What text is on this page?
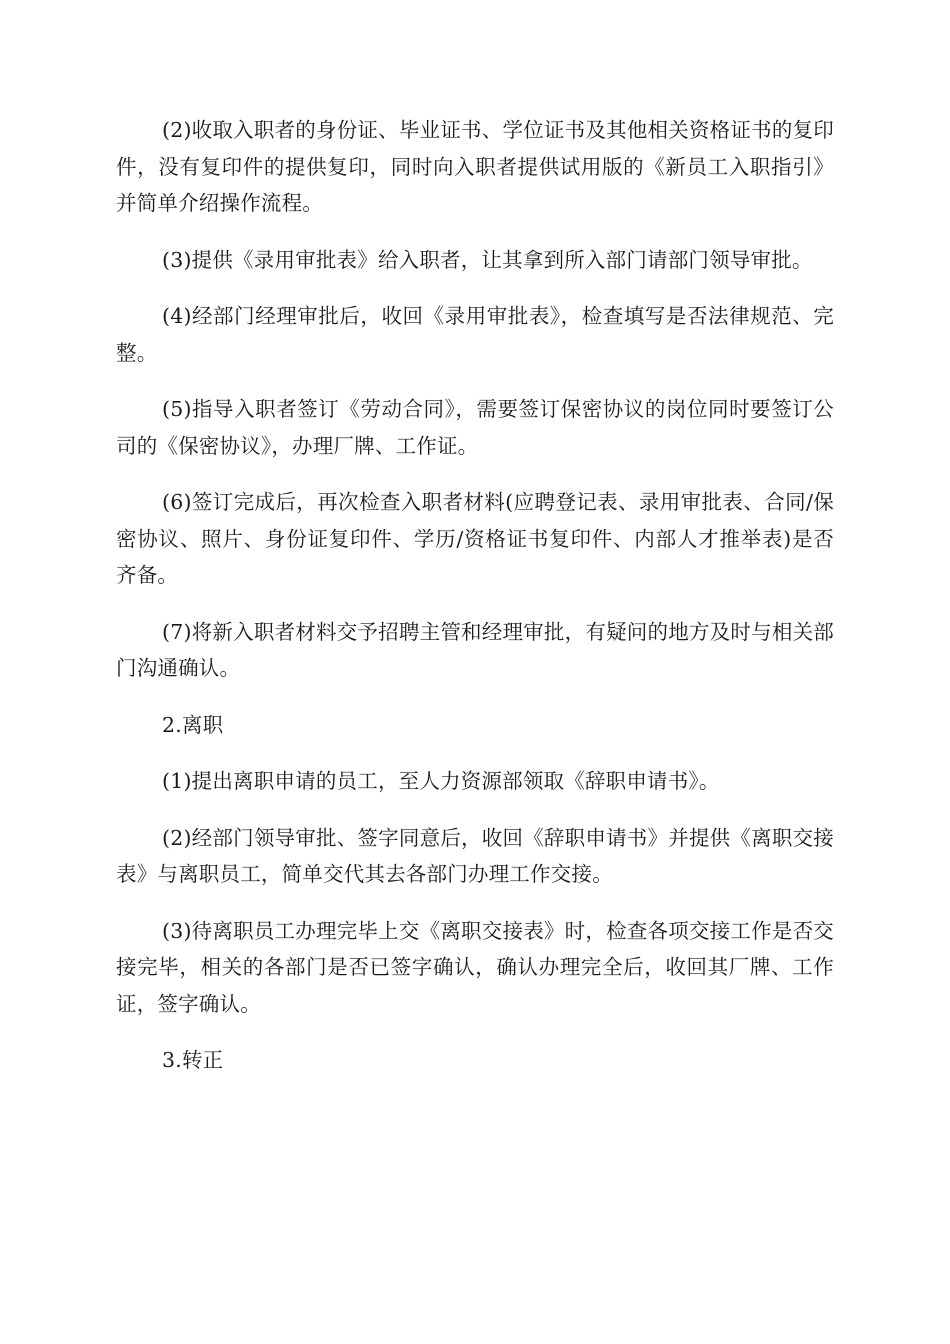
(2)收取入职者的身份证、毕业证书、学位证书及其他相关资格证书的复印件，没有复印件的提供复印，同时向入职者提供试用版的《新员工入职指引》并简单介绍操作流程。

(3)提供《录用审批表》给入职者，让其拿到所入部门请部门领导审批。

(4)经部门经理审批后，收回《录用审批表》，检查填写是否法律规范、完整。

(5)指导入职者签订《劳动合同》，需要签订保密协议的岗位同时要签订公司的《保密协议》，办理厂牌、工作证。

(6)签订完成后，再次检查入职者材料(应聘登记表、录用审批表、合同/保密协议、照片、身份证复印件、学历/资格证书复印件、内部人才推举表)是否齐备。

(7)将新入职者材料交予招聘主管和经理审批，有疑问的地方及时与相关部门沟通确认。

2.离职

(1)提出离职申请的员工，至人力资源部领取《辞职申请书》。

(2)经部门领导审批、签字同意后，收回《辞职申请书》并提供《离职交接表》与离职员工，简单交代其去各部门办理工作交接。

(3)待离职员工办理完毕上交《离职交接表》时，检查各项交接工作是否交接完毕，相关的各部门是否已签字确认，确认办理完全后，收回其厂牌、工作证，签字确认。

3.转正
